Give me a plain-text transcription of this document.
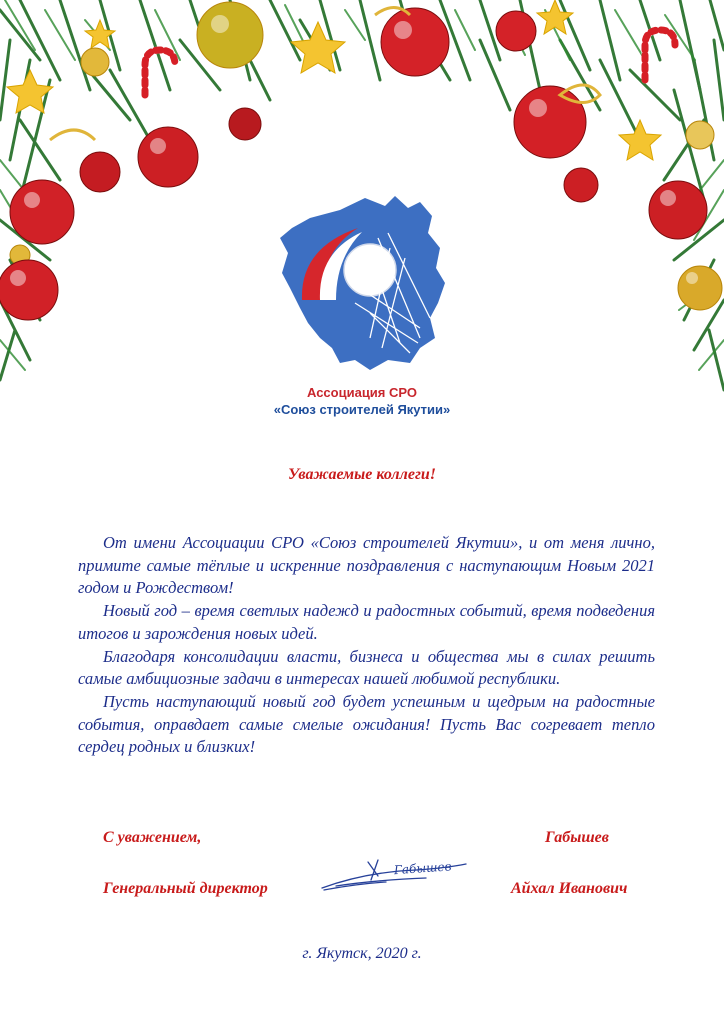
Ассоциация СРО
«Союз строителей Якутии»
Уважаемые коллеги!

От имени Ассоциации СРО «Союз строителей Якутии», и от меня лично, примите самые тёплые и искренние поздравления с наступающим Новым 2021 годом и Рождеством!

Новый год – время светлых надежд и радостных событий, время подведения итогов и зарождения новых идей.

Благодаря консолидации власти, бизнеса и общества мы в силах решить самые амбициозные задачи в интересах нашей любимой республики.

Пусть наступающий новый год будет успешным и щедрым на радостные события, оправдает самые смелые ожидания! Пусть Вас согревает тепло сердец родных и близких!

С уважением,	Габышев
Генеральный директор	Айхал Иванович
Габышев
г. Якутск, 2020 г.
